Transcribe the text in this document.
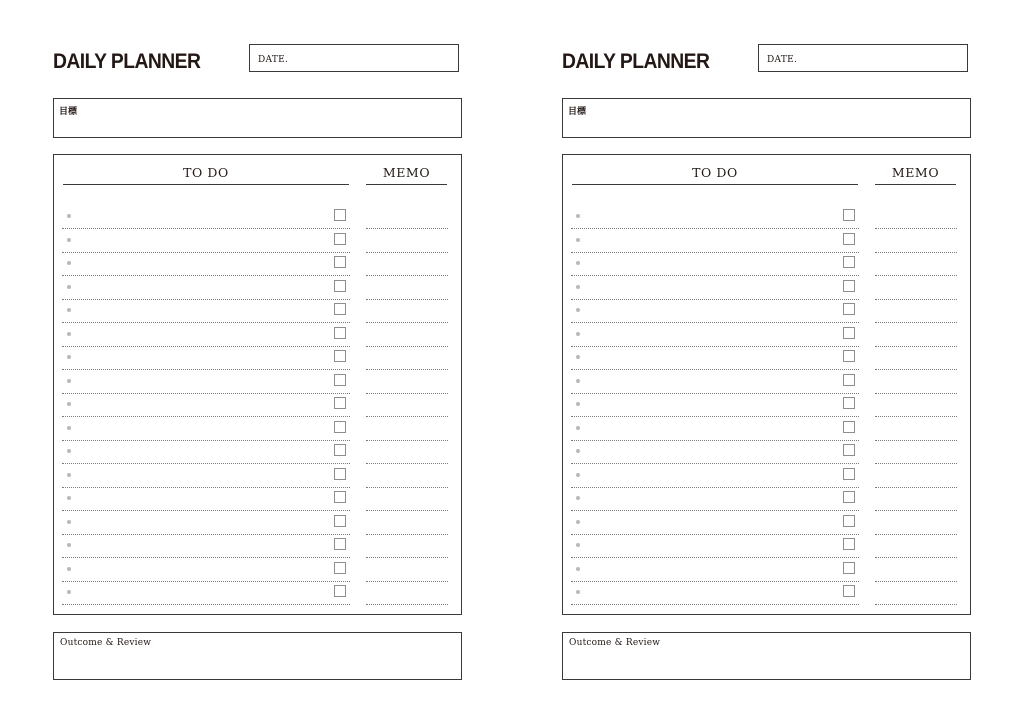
DAILY PLANNER	DATE.
目標
TO DO	MEMO
Outcome & Review
DAILY PLANNER	DATE.
目標
TO DO	MEMO
Outcome & Review
